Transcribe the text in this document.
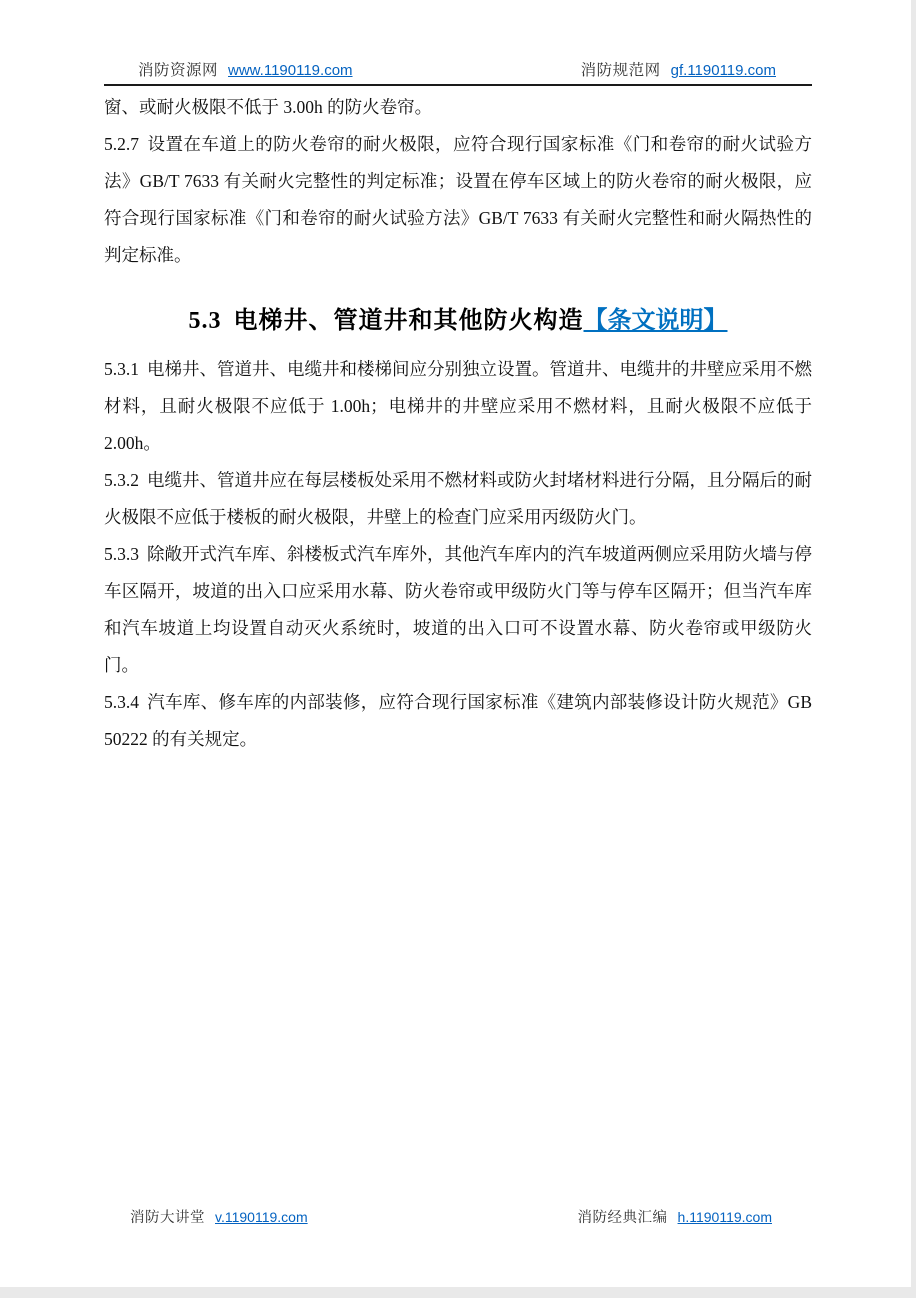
消防资源网 www.1190119.com	消防规范网 gf.1190119.com

窗、或耐火极限不低于 3.00h 的防火卷帘。

5.2.7 设置在车道上的防火卷帘的耐火极限，应符合现行国家标准《门和卷帘的耐火试验方法》GB/T 7633 有关耐火完整性的判定标准；设置在停车区域上的防火卷帘的耐火极限，应符合现行国家标准《门和卷帘的耐火试验方法》GB/T 7633 有关耐火完整性和耐火隔热性的判定标准。

5.3 电梯井、管道井和其他防火构造【条文说明】

5.3.1 电梯井、管道井、电缆井和楼梯间应分别独立设置。管道井、电缆井的井壁应采用不燃材料，且耐火极限不应低于 1.00h；电梯井的井壁应采用不燃材料，且耐火极限不应低于 2.00h。

5.3.2 电缆井、管道井应在每层楼板处采用不燃材料或防火封堵材料进行分隔，且分隔后的耐火极限不应低于楼板的耐火极限，井壁上的检查门应采用丙级防火门。

5.3.3 除敞开式汽车库、斜楼板式汽车库外，其他汽车库内的汽车坡道两侧应采用防火墙与停车区隔开，坡道的出入口应采用水幕、防火卷帘或甲级防火门等与停车区隔开；但当汽车库和汽车坡道上均设置自动灭火系统时，坡道的出入口可不设置水幕、防火卷帘或甲级防火门。

5.3.4 汽车库、修车库的内部装修，应符合现行国家标准《建筑内部装修设计防火规范》GB 50222 的有关规定。

消防大讲堂 v.1190119.com	消防经典汇编 h.1190119.com
